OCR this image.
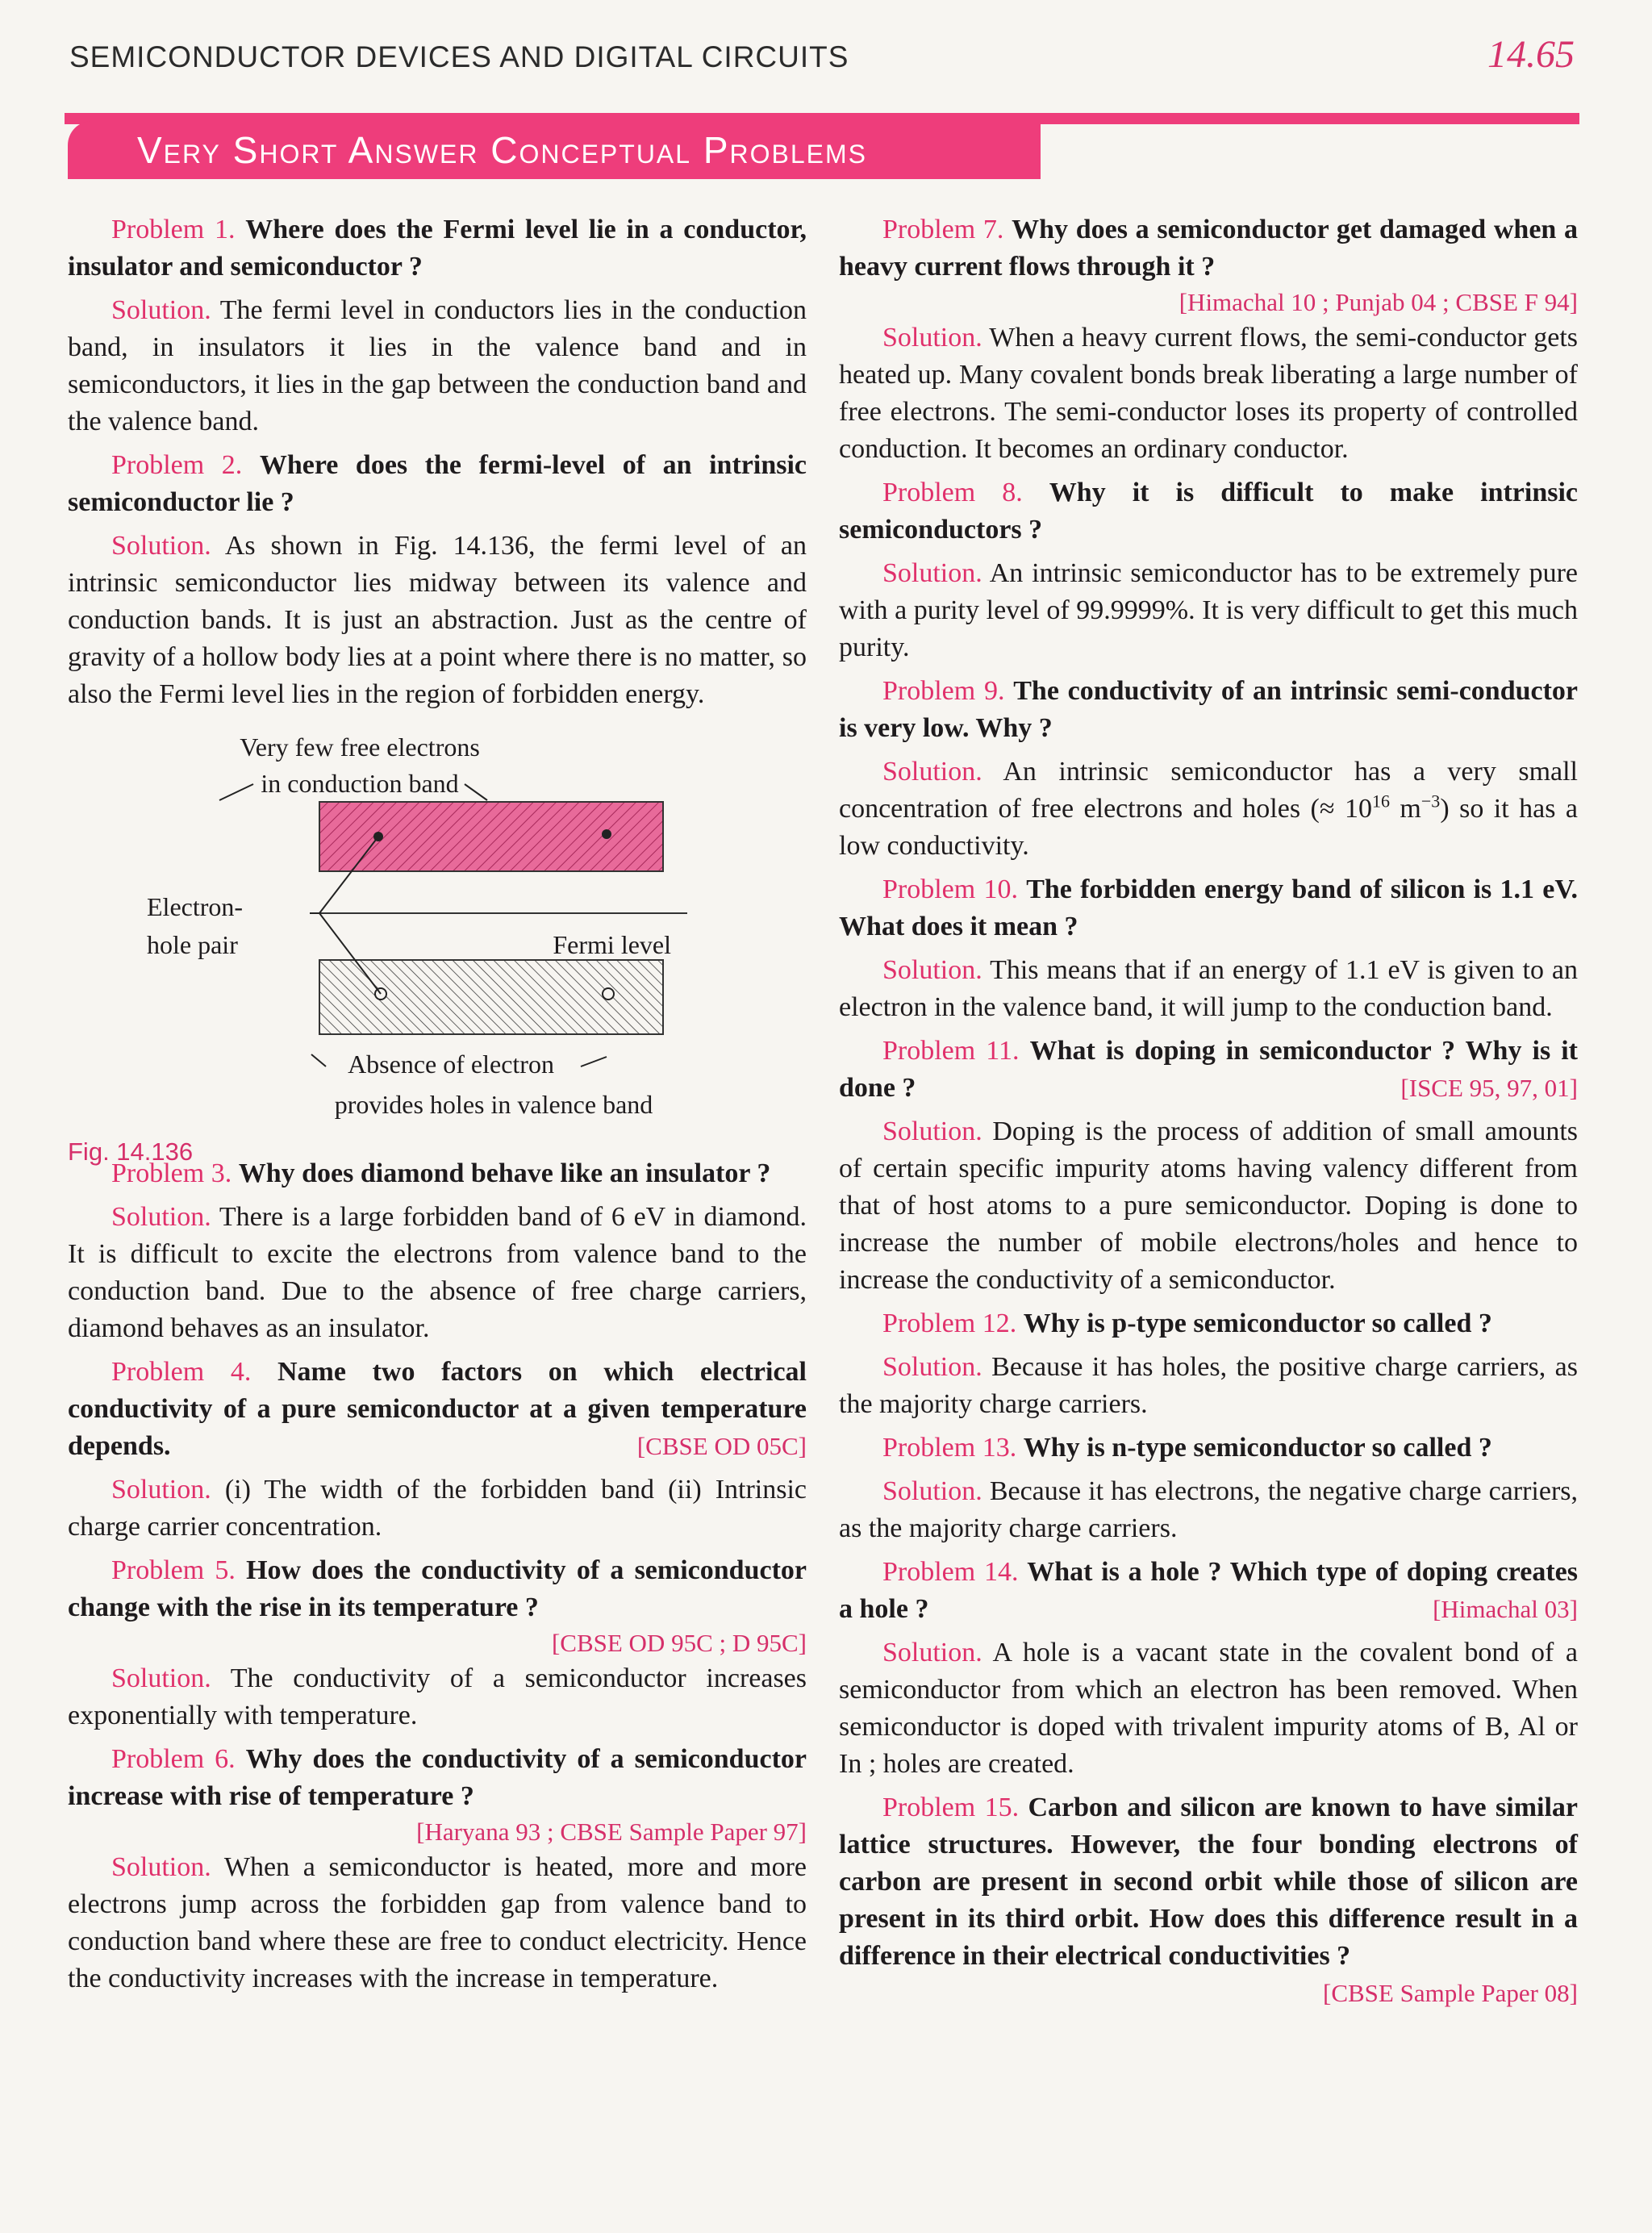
SEMICONDUCTOR DEVICES AND DIGITAL CIRCUITS	14.65
Very Short Answer Conceptual Problems

Problem 1. Where does the Fermi level lie in a conductor, insulator and semiconductor ?

Solution. The fermi level in conductors lies in the conduction band, in insulators it lies in the valence band and in semiconductors, it lies in the gap between the conduction band and the valence band.

Problem 2. Where does the fermi-level of an intrinsic semiconductor lie ?

Solution. As shown in Fig. 14.136, the fermi level of an intrinsic semiconductor lies midway between its valence and conduction bands. It is just an abstraction. Just as the centre of gravity of a hollow body lies at a point where there is no matter, so also the Fermi level lies in the region of forbidden energy.

Very few free electrons
in conduction band
Electron-
hole pair	Fermi level
Absence of electron
provides holes in valence band
Fig. 14.136

Problem 3. Why does diamond behave like an insulator ?

Solution. There is a large forbidden band of 6 eV in diamond. It is difficult to excite the electrons from valence band to the conduction band. Due to the absence of free charge carriers, diamond behaves as an insulator.

Problem 4. Name two factors on which electrical conductivity of a pure semiconductor at a given temperature depends.	[CBSE OD 05C]

Solution. (i) The width of the forbidden band (ii) Intrinsic charge carrier concentration.

Problem 5. How does the conductivity of a semiconductor change with the rise in its temperature ?

[CBSE OD 95C ; D 95C]

Solution. The conductivity of a semiconductor increases exponentially with temperature.

Problem 6. Why does the conductivity of a semiconductor increase with rise of temperature ?

[Haryana 93 ; CBSE Sample Paper 97]

Solution. When a semiconductor is heated, more and more electrons jump across the forbidden gap from valence band to conduction band where these are free to conduct electricity. Hence the conductivity increases with the increase in temperature.

Problem 7. Why does a semiconductor get damaged when a heavy current flows through it ?

[Himachal 10 ; Punjab 04 ; CBSE F 94]

Solution. When a heavy current flows, the semi-conductor gets heated up. Many covalent bonds break liberating a large number of free electrons. The semi-conductor loses its property of controlled conduction. It becomes an ordinary conductor.

Problem 8. Why it is difficult to make intrinsic semiconductors ?

Solution. An intrinsic semiconductor has to be extremely pure with a purity level of 99.9999%. It is very difficult to get this much purity.

Problem 9. The conductivity of an intrinsic semi-conductor is very low. Why ?

Solution. An intrinsic semiconductor has a very small concentration of free electrons and holes (≈ $10^{16}$ $m^{-3}$) so it has a low conductivity.

Problem 10. The forbidden energy band of silicon is 1.1 eV. What does it mean ?

Solution. This means that if an energy of 1.1 eV is given to an electron in the valence band, it will jump to the conduction band.

Problem 11. What is doping in semiconductor ? Why is it done ?	[ISCE 95, 97, 01]

Solution. Doping is the process of addition of small amounts of certain specific impurity atoms having valency different from that of host atoms to a pure semiconductor. Doping is done to increase the number of mobile electrons/holes and hence to increase the conductivity of a semiconductor.

Problem 12. Why is p-type semiconductor so called ?

Solution. Because it has holes, the positive charge carriers, as the majority charge carriers.

Problem 13. Why is n-type semiconductor so called ?

Solution. Because it has electrons, the negative charge carriers, as the majority charge carriers.

Problem 14. What is a hole ? Which type of doping creates a hole ?	[Himachal 03]

Solution. A hole is a vacant state in the covalent bond of a semiconductor from which an electron has been removed. When semiconductor is doped with trivalent impurity atoms of B, Al or In ; holes are created.

Problem 15. Carbon and silicon are known to have similar lattice structures. However, the four bonding electrons of carbon are present in second orbit while those of silicon are present in its third orbit. How does this difference result in a difference in their electrical conductivities ?
[CBSE Sample Paper 08]
